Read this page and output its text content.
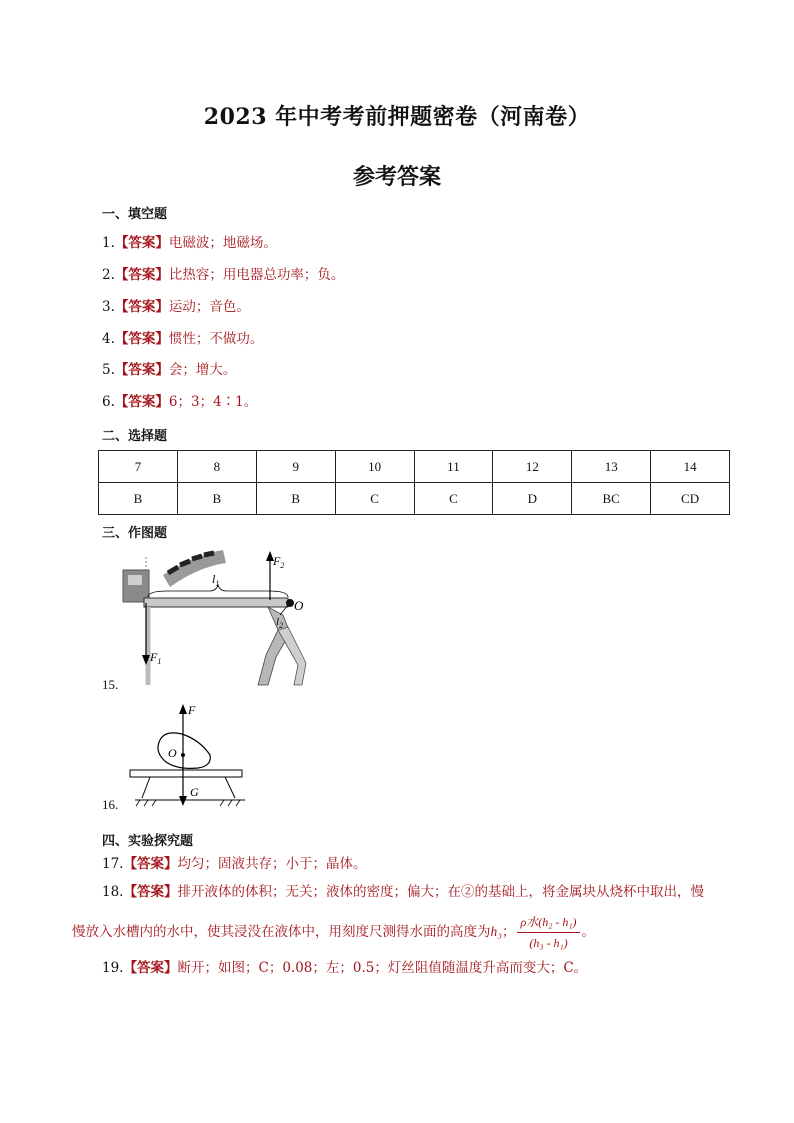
2023 年中考考前押题密卷（河南卷）
参考答案
一、填空题
1.【答案】电磁波；地磁场。
2.【答案】比热容；用电器总功率；负。
3.【答案】运动；音色。
4.【答案】惯性；不做功。
5.【答案】会；增大。
6.【答案】6；3；4∶1。
二、选择题
7	8	9	10	11	12	13	14
B	B	B	C	C	D	BC	CD
三、作图题
$l_1$
$F_2$
O
$l_2$
$F_1$
15.
F
O
G
16.
四、实验探究题
17.【答案】均匀；固液共存；小于；晶体。
18.【答案】排开液体的体积；无关；液体的密度；偏大；在②的基础上，将金属块从烧杯中取出，慢
慢放入水槽内的水中，使其浸没在液体中，用刻度尺测得水面的高度为h₃； $\frac{\text{ρ水(h₂ - h₁)}}{\text{(h₃ - h₁)}}$ 。
19.【答案】断开；如图；C；0.08；左；0.5；灯丝阻值随温度升高而变大；C。
